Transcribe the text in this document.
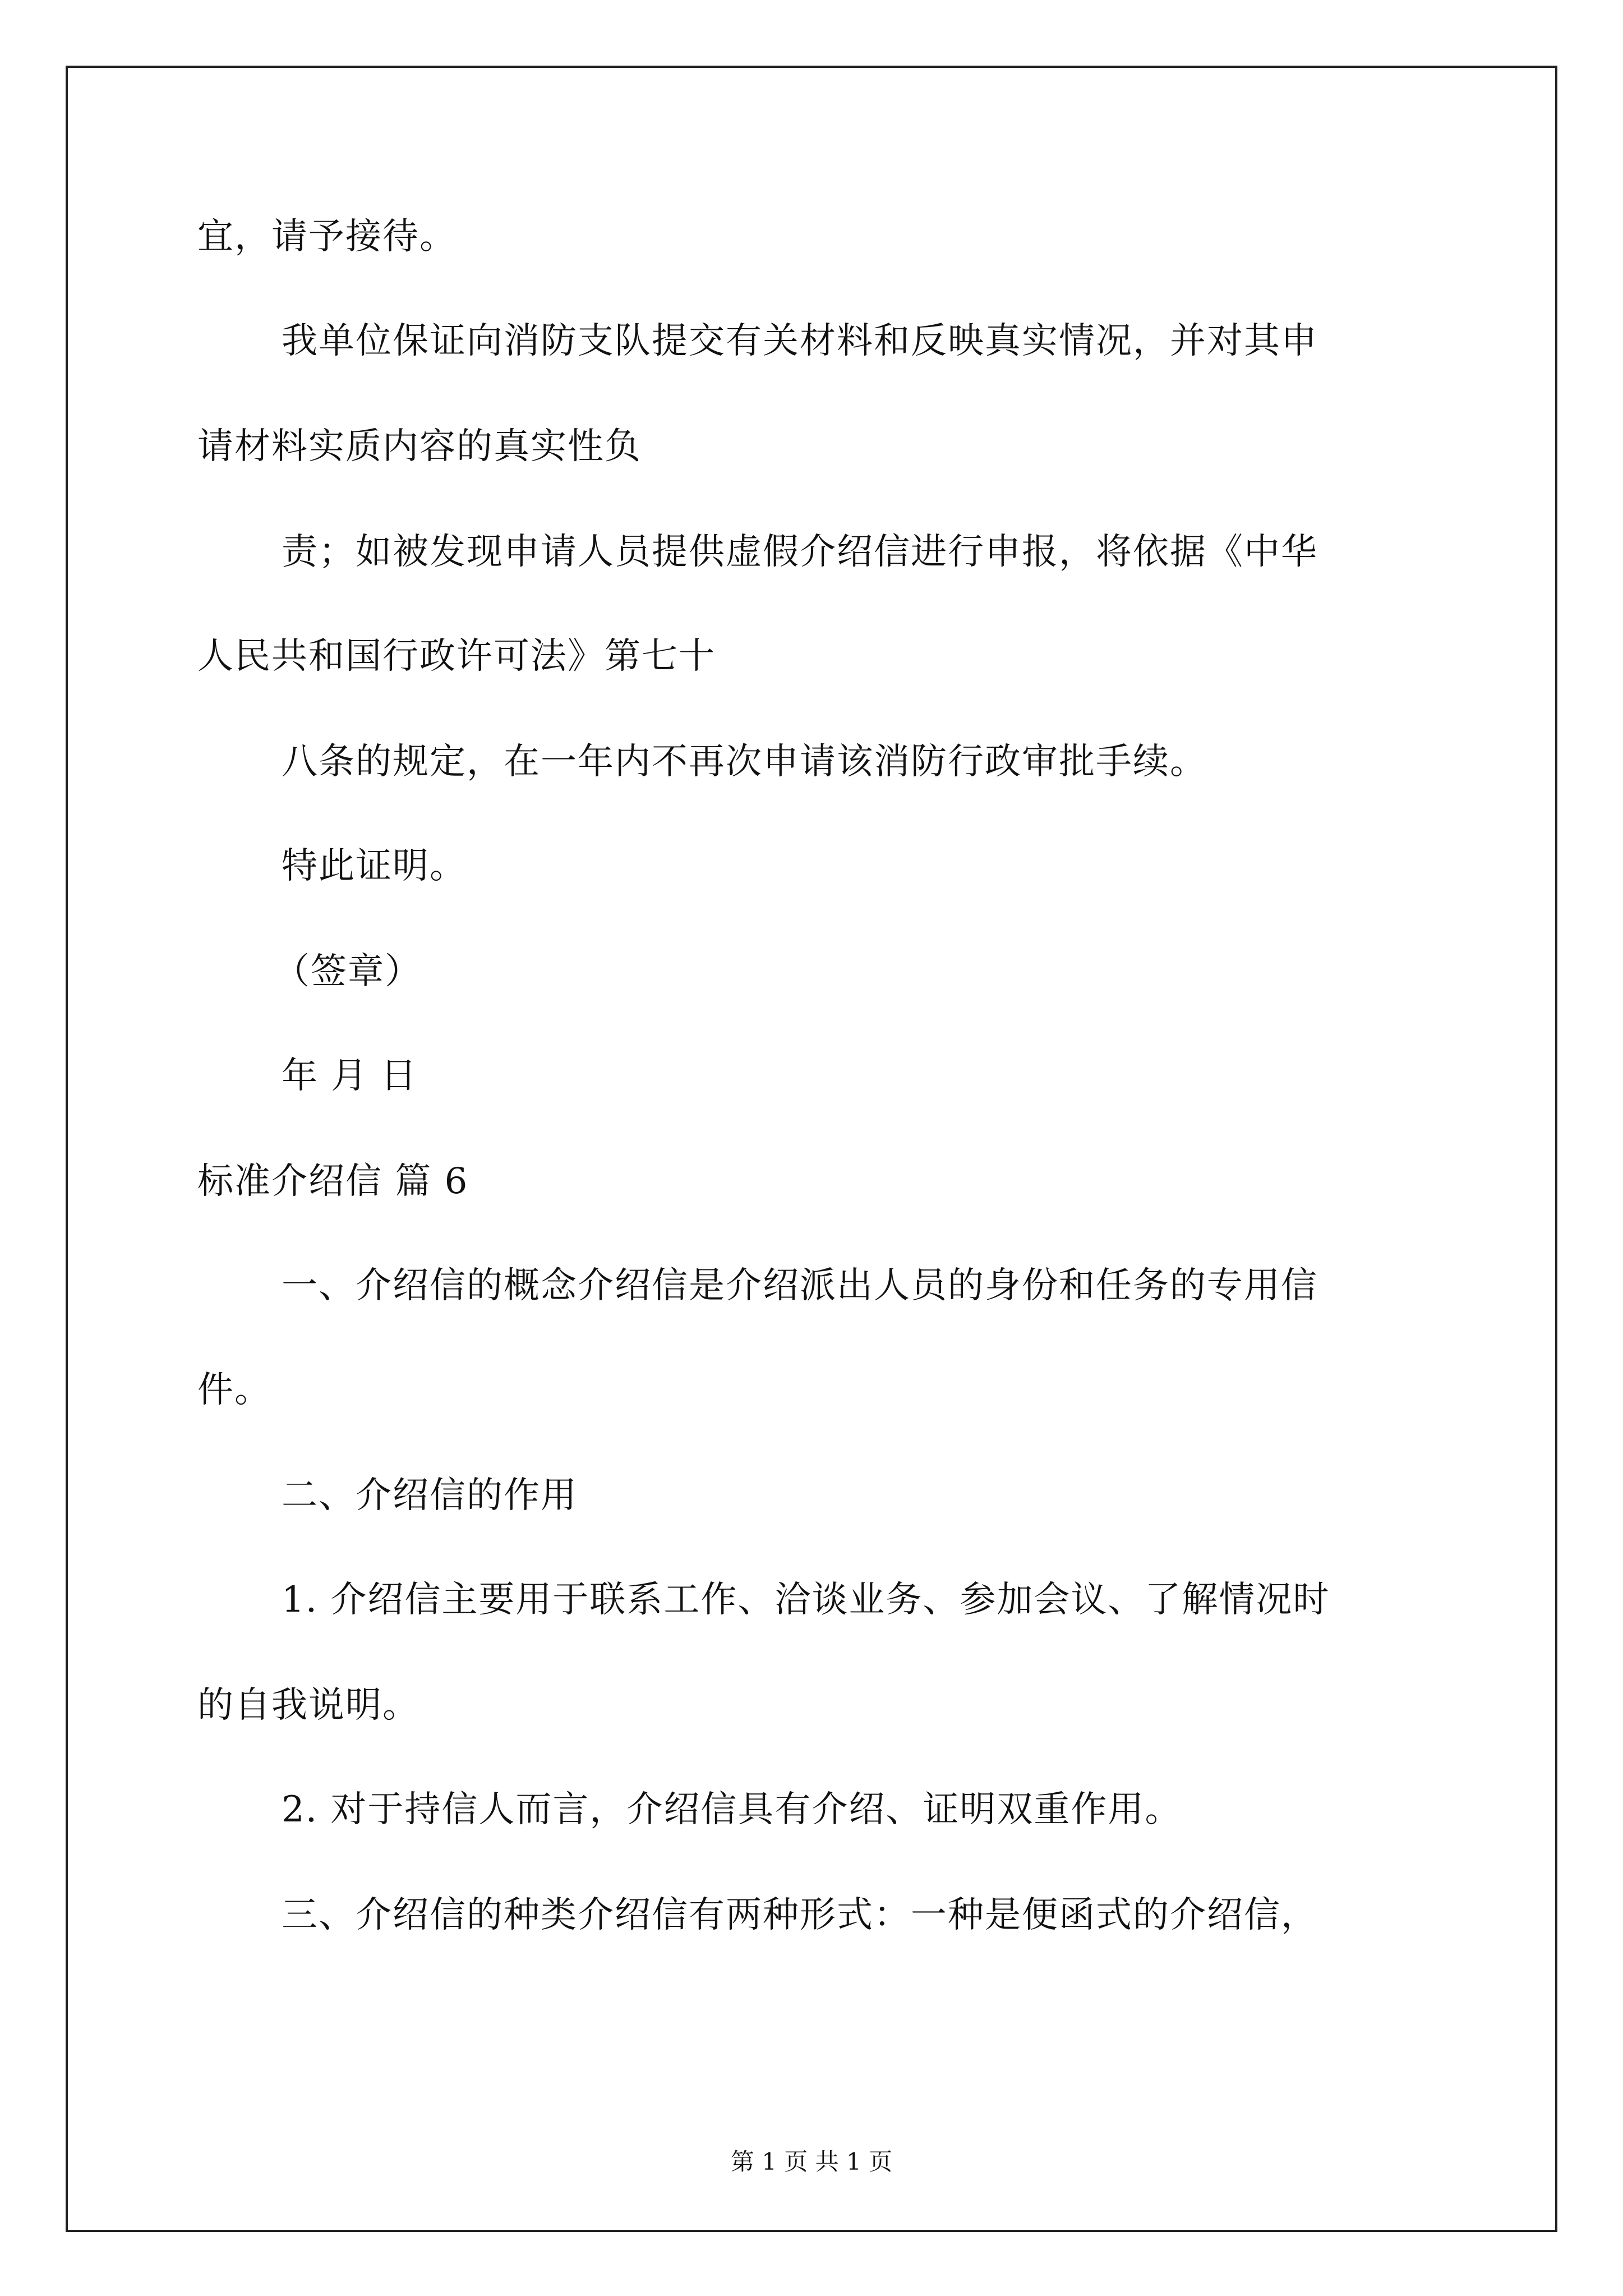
宜，请予接待。
我单位保证向消防支队提交有关材料和反映真实情况，并对其申
请材料实质内容的真实性负
责；如被发现申请人员提供虚假介绍信进行申报，将依据《中华
人民共和国行政许可法》第七十
八条的规定，在一年内不再次申请该消防行政审批手续。
特此证明。
（签章）
年 月 日
标准介绍信 篇 6
一、介绍信的概念介绍信是介绍派出人员的身份和任务的专用信
件。
二、介绍信的作用
1. 介绍信主要用于联系工作、洽谈业务、参加会议、了解情况时
的自我说明。
2. 对于持信人而言，介绍信具有介绍、证明双重作用。
三、介绍信的种类介绍信有两种形式：一种是便函式的介绍信，
第 1 页 共 1 页
